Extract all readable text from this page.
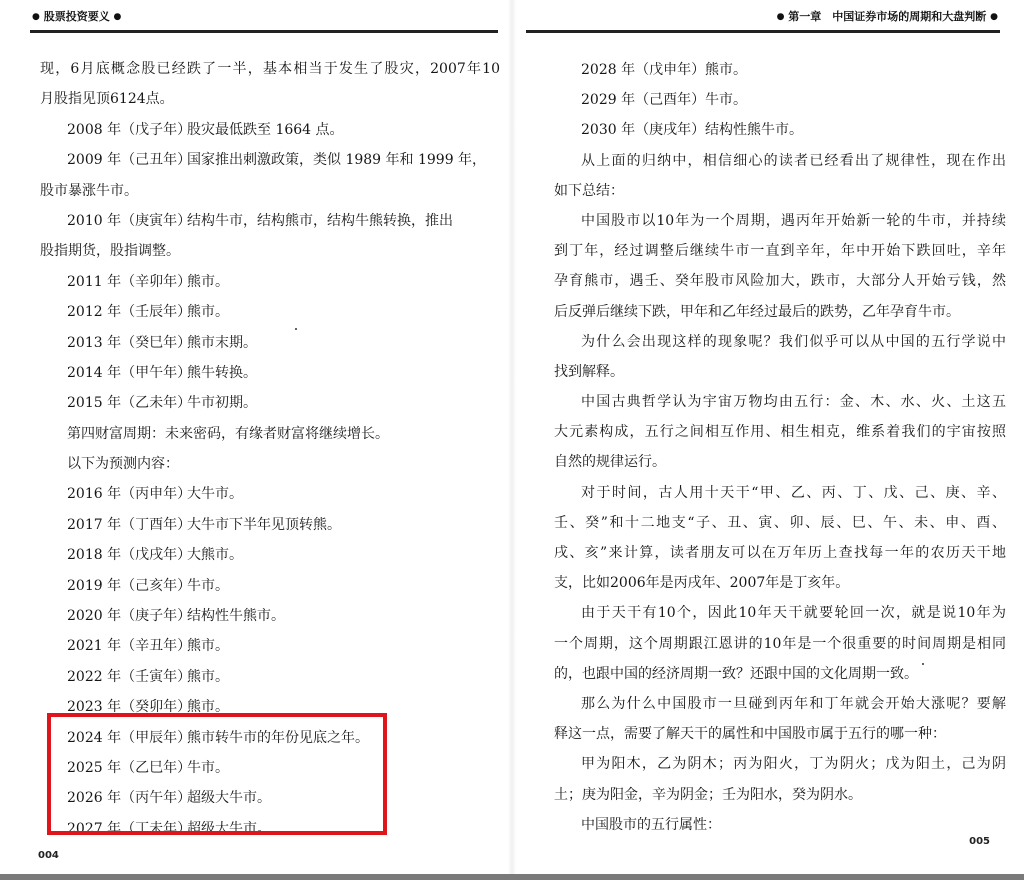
● 股票投资要义 ●
现，6月底概念股已经跌了一半，基本相当于发生了股灾，2007年10
月股指见顶6124点。
2008 年（戊子年）股灾最低跌至 1664 点。
2009 年（己丑年）国家推出刺激政策，类似 1989 年和 1999 年，
股市暴涨牛市。
2010 年（庚寅年）结构牛市，结构熊市，结构牛熊转换，推出
股指期货，股指调整。
2011 年（辛卯年）熊市。
2012 年（壬辰年）熊市。
2013 年（癸巳年）熊市末期。
2014 年（甲午年）熊牛转换。
2015 年（乙未年）牛市初期。
第四财富周期：未来密码，有缘者财富将继续增长。
以下为预测内容：
2016 年（丙申年）大牛市。
2017 年（丁酉年）大牛市下半年见顶转熊。
2018 年（戊戌年）大熊市。
2019 年（己亥年）牛市。
2020 年（庚子年）结构性牛熊市。
2021 年（辛丑年）熊市。
2022 年（壬寅年）熊市。
2023 年（癸卯年）熊市。
2024 年（甲辰年）熊市转牛市的年份见底之年。
2025 年（乙巳年）牛市。
2026 年（丙午年）超级大牛市。
2027 年（丁未年）超级大牛市。
004
● 第一章　中国证券市场的周期和大盘判断 ●
2028 年（戊申年）熊市。
2029 年（己酉年）牛市。
2030 年（庚戌年）结构性熊牛市。
从上面的归纳中，相信细心的读者已经看出了规律性，现在作出
如下总结：
中国股市以10年为一个周期，遇丙年开始新一轮的牛市，并持续
到丁年，经过调整后继续牛市一直到辛年，年中开始下跌回吐，辛年
孕育熊市，遇壬、癸年股市风险加大，跌市，大部分人开始亏钱，然
后反弹后继续下跌，甲年和乙年经过最后的跌势，乙年孕育牛市。
为什么会出现这样的现象呢？我们似乎可以从中国的五行学说中
找到解释。
中国古典哲学认为宇宙万物均由五行：金、木、水、火、土这五
大元素构成，五行之间相互作用、相生相克，维系着我们的宇宙按照
自然的规律运行。
对于时间，古人用十天干“甲、乙、丙、丁、戊、己、庚、辛、
壬、癸”和十二地支“子、丑、寅、卯、辰、巳、午、未、申、酉、
戌、亥”来计算，读者朋友可以在万年历上查找每一年的农历天干地
支，比如2006年是丙戌年、2007年是丁亥年。
由于天干有10个，因此10年天干就要轮回一次，就是说10年为
一个周期，这个周期跟江恩讲的10年是一个很重要的时间周期是相同
的，也跟中国的经济周期一致？还跟中国的文化周期一致。
那么为什么中国股市一旦碰到丙年和丁年就会开始大涨呢？要解
释这一点，需要了解天干的属性和中国股市属于五行的哪一种：
甲为阳木，乙为阴木；丙为阳火，丁为阴火；戊为阳土，己为阴
土；庚为阳金，辛为阴金；壬为阳水，癸为阴水。
中国股市的五行属性：
005
